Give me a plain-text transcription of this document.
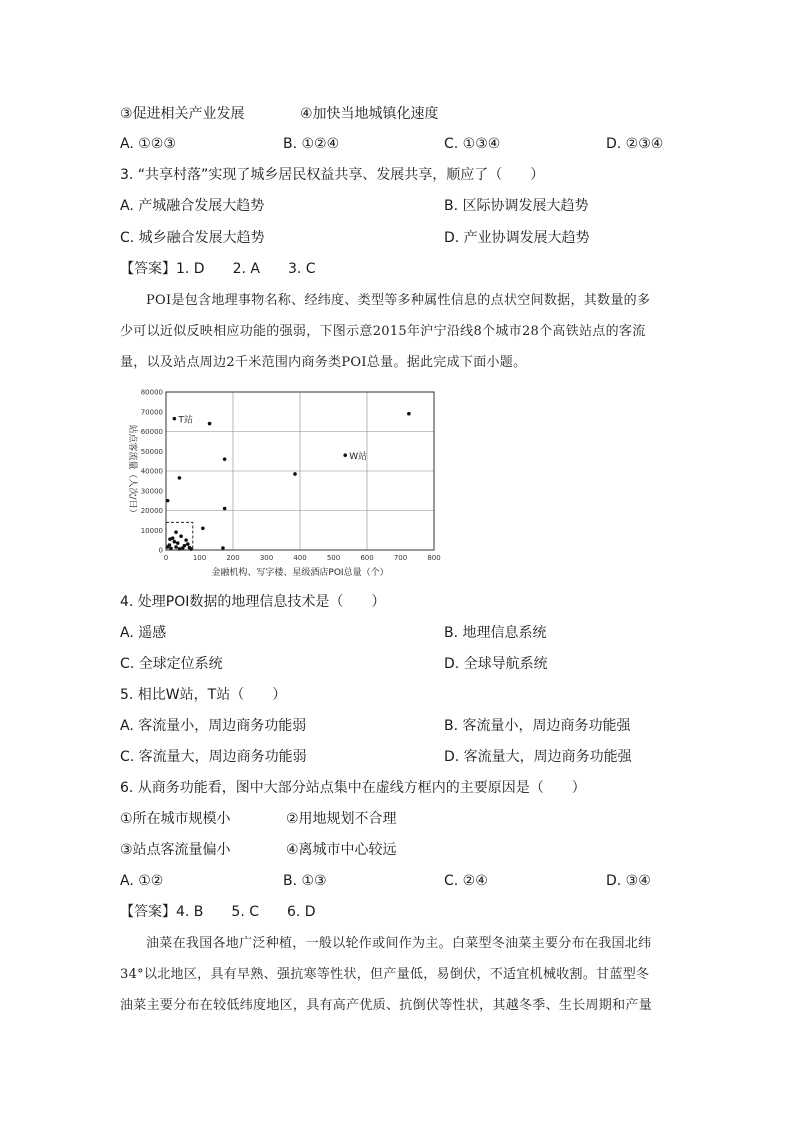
③促进相关产业发展	④加快当地城镇化速度
A. ①②③	B. ①②④	C. ①③④	D. ②③④
3. “共享村落”实现了城乡居民权益共享、发展共享，顺应了（　　）
A. 产城融合发展大趋势	B. 区际协调发展大趋势
C. 城乡融合发展大趋势	D. 产业协调发展大趋势
【答案】1. D　　2. A　　3. C

POI是包含地理事物名称、经纬度、类型等多种属性信息的点状空间数据，其数量的多

少可以近似反映相应功能的强弱，下图示意2015年沪宁沿线8个城市28个高铁站点的客流

量，以及站点周边2千米范围内商务类POI总量。据此完成下面小题。

0
10000
20000
30000
40000
50000
60000
70000
80000
0	100	200	300	400	500	600	700	800
T站
W站
站点客流量（人次/日）
金融机构、写字楼、星级酒店POI总量（个）
4. 处理POI数据的地理信息技术是（　　）
A. 遥感	B. 地理信息系统
C. 全球定位系统	D. 全球导航系统
5. 相比W站，T站（　　）
A. 客流量小，周边商务功能弱	B. 客流量小，周边商务功能强
C. 客流量大，周边商务功能弱	D. 客流量大，周边商务功能强
6. 从商务功能看，图中大部分站点集中在虚线方框内的主要原因是（　　）
①所在城市规模小	②用地规划不合理
③站点客流量偏小	④离城市中心较远
A. ①②	B. ①③	C. ②④	D. ③④
【答案】4. B　　5. C　　6. D

油菜在我国各地广泛种植，一般以轮作或间作为主。白菜型冬油菜主要分布在我国北纬

34°以北地区，具有早熟、强抗寒等性状，但产量低，易倒伏，不适宜机械收割。甘蓝型冬

油菜主要分布在较低纬度地区，具有高产优质、抗倒伏等性状，其越冬季、生长周期和产量
